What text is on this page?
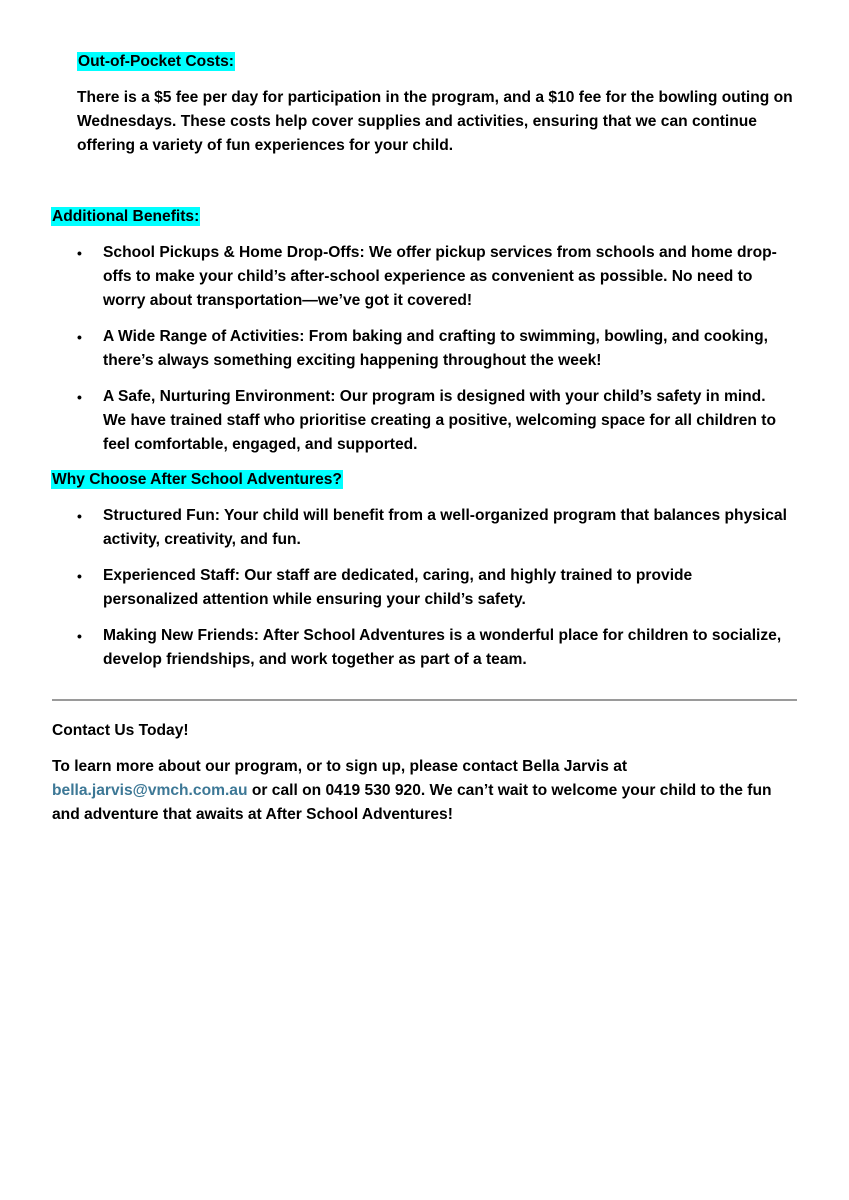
Out-of-Pocket Costs:

There is a $5 fee per day for participation in the program, and a $10 fee for the bowling outing on Wednesdays. These costs help cover supplies and activities, ensuring that we can continue offering a variety of fun experiences for your child.

Additional Benefits:
• School Pickups & Home Drop-Offs: We offer pickup services from schools and home drop-offs to make your child’s after-school experience as convenient as possible. No need to worry about transportation—we’ve got it covered!
• A Wide Range of Activities: From baking and crafting to swimming, bowling, and cooking, there’s always something exciting happening throughout the week!
• A Safe, Nurturing Environment: Our program is designed with your child’s safety in mind. We have trained staff who prioritise creating a positive, welcoming space for all children to feel comfortable, engaged, and supported.
Why Choose After School Adventures?
• Structured Fun: Your child will benefit from a well-organized program that balances physical activity, creativity, and fun.
• Experienced Staff: Our staff are dedicated, caring, and highly trained to provide personalized attention while ensuring your child’s safety.
• Making New Friends: After School Adventures is a wonderful place for children to socialize, develop friendships, and work together as part of a team.
Contact Us Today!

To learn more about our program, or to sign up, please contact Bella Jarvis at
bella.jarvis@vmch.com.au or call on 0419 530 920. We can’t wait to welcome your child to the fun and adventure that awaits at After School Adventures!
